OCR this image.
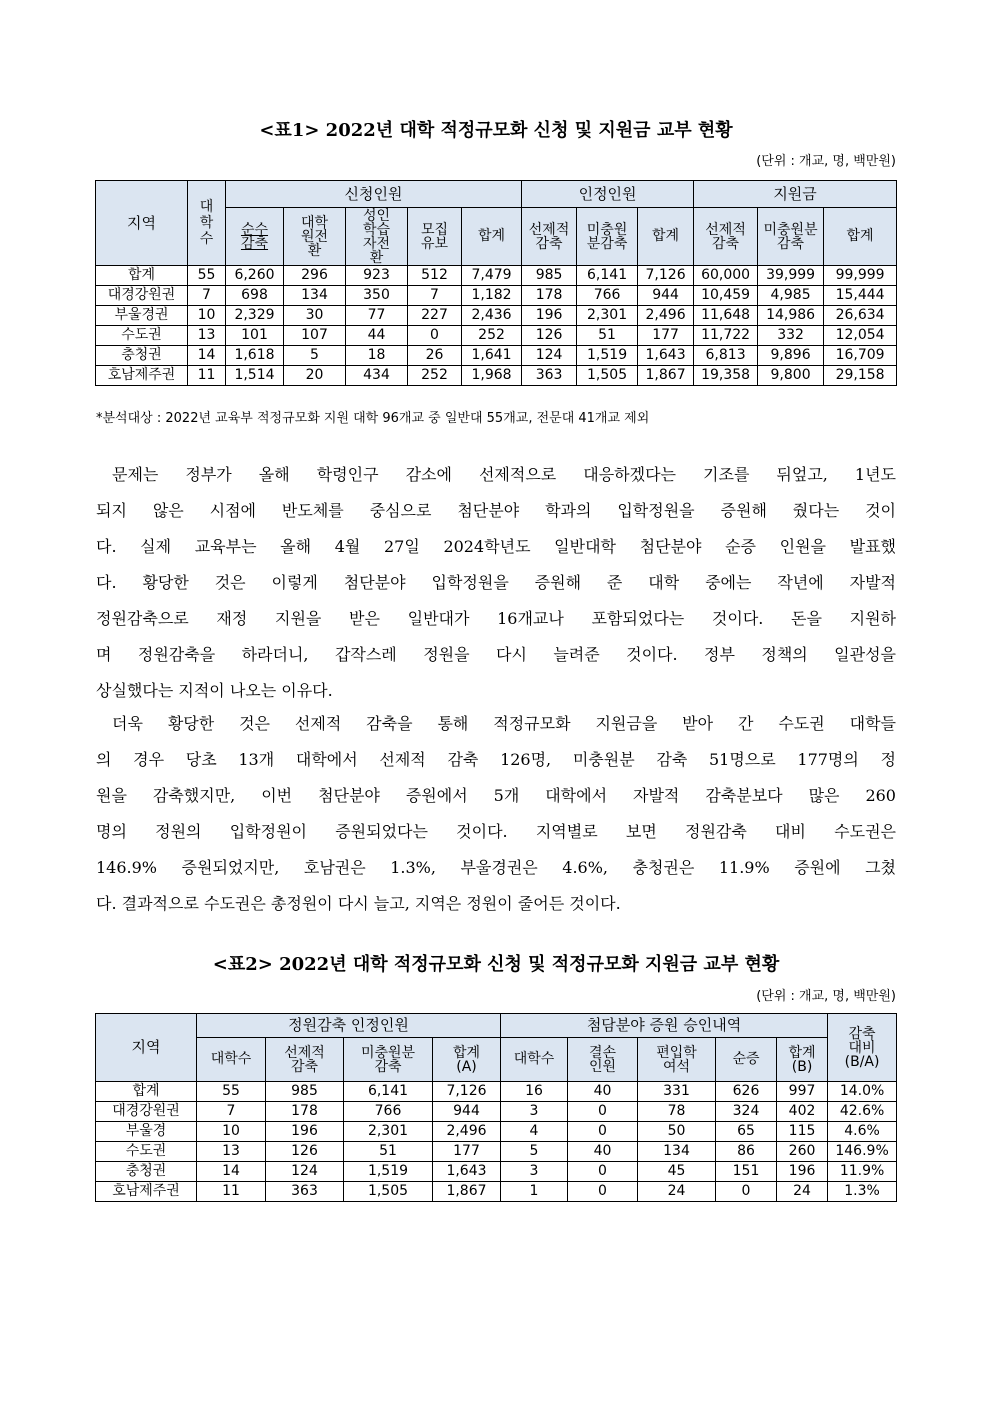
<표1> 2022년 대학 적정규모화 신청 및 지원금 교부 현황
(단위 : 개교, 명, 백만원)
지역	대학수	신청인원					인정인원			지원금		
		순수감축	대학원전환	성인학습자전환	모집유보	합계	선제적감축	미충원분감축	합계	선제적감축	미충원분감축	합계
합계	55	6,260	296	923	512	7,479	985	6,141	7,126	60,000	39,999	99,999
대경강원권	7	698	134	350	7	1,182	178	766	944	10,459	4,985	15,444
부울경권	10	2,329	30	77	227	2,436	196	2,301	2,496	11,648	14,986	26,634
수도권	13	101	107	44	0	252	126	51	177	11,722	332	12,054
충청권	14	1,618	5	18	26	1,641	124	1,519	1,643	6,813	9,896	16,709
호남제주권	11	1,514	20	434	252	1,968	363	1,505	1,867	19,358	9,800	29,158
*분석대상 : 2022년 교육부 적정규모화 지원 대학 96개교 중 일반대 55개교, 전문대 41개교 제외
문제는 정부가 올해 학령인구 감소에 선제적으로 대응하겠다는 기조를 뒤엎고, 1년도
되지 않은 시점에 반도체를 중심으로 첨단분야 학과의 입학정원을 증원해 줬다는 것이
다. 실제 교육부는 올해 4월 27일 2024학년도 일반대학 첨단분야 순증 인원을 발표했
다. 황당한 것은 이렇게 첨단분야 입학정원을 증원해 준 대학 중에는 작년에 자발적
정원감축으로 재정 지원을 받은 일반대가 16개교나 포함되었다는 것이다. 돈을 지원하
며 정원감축을 하라더니, 갑작스레 정원을 다시 늘려준 것이다. 정부 정책의 일관성을
상실했다는 지적이 나오는 이유다.
더욱 황당한 것은 선제적 감축을 통해 적정규모화 지원금을 받아 간 수도권 대학들
의 경우 당초 13개 대학에서 선제적 감축 126명, 미충원분 감축 51명으로 177명의 정
원을 감축했지만, 이번 첨단분야 증원에서 5개 대학에서 자발적 감축분보다 많은 260
명의 정원의 입학정원이 증원되었다는 것이다. 지역별로 보면 정원감축 대비 수도권은
146.9% 증원되었지만, 호남권은 1.3%, 부울경권은 4.6%, 충청권은 11.9% 증원에 그쳤
다. 결과적으로 수도권은 총정원이 다시 늘고, 지역은 정원이 줄어든 것이다.
<표2> 2022년 대학 적정규모화 신청 및 적정규모화 지원금 교부 현황
(단위 : 개교, 명, 백만원)
지역	정원감축 인정인원				첨담분야 증원 승인내역					감축대비(B/A)
	대학수	선제적감축	미충원분감축	합계(A)	대학수	결손인원	편입학여석	순증	합계(B)	
합계	55	985	6,141	7,126	16	40	331	626	997	14.0%
대경강원권	7	178	766	944	3	0	78	324	402	42.6%
부울경	10	196	2,301	2,496	4	0	50	65	115	4.6%
수도권	13	126	51	177	5	40	134	86	260	146.9%
충청권	14	124	1,519	1,643	3	0	45	151	196	11.9%
호남제주권	11	363	1,505	1,867	1	0	24	0	24	1.3%
